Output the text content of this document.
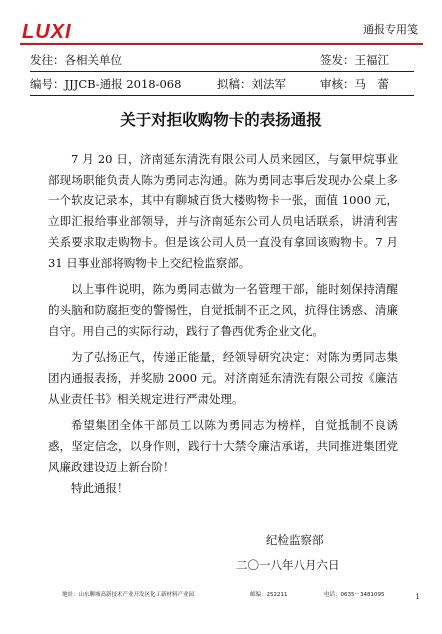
LUXI	通报专用笺
发往：各相关单位	签发：王福江
编号：JJJCB-通报 2018-068	拟稿：刘法军	审核：马　蕾
关于对拒收购物卡的表扬通报

7 月 20 日，济南延东清洗有限公司人员来园区，与氯甲烷事业部现场职能负责人陈为勇同志沟通。陈为勇同志事后发现办公桌上多一个软皮记录本，其中有聊城百货大楼购物卡一张，面值 1000 元，立即汇报给事业部领导，并与济南延东公司人员电话联系，讲清利害关系要求取走购物卡。但是该公司人员一直没有拿回该购物卡。7 月 31 日事业部将购物卡上交纪检监察部。

以上事件说明，陈为勇同志做为一名管理干部，能时刻保持清醒的头脑和防腐拒变的警惕性，自觉抵制不正之风，抗得住诱惑、清廉自守。用自己的实际行动，践行了鲁西优秀企业文化。

为了弘扬正气，传递正能量，经领导研究决定：对陈为勇同志集团内通报表扬，并奖励 2000 元。对济南延东清洗有限公司按《廉洁从业责任书》相关规定进行严肃处理。

希望集团全体干部员工以陈为勇同志为榜样，自觉抵制不良诱惑，坚定信念，以身作则，践行十大禁令廉洁承诺，共同推进集团党风廉政建设迈上新台阶！

特此通报！

纪检监察部
二〇一八年八月六日
地址：山东聊城高新技术产业开发区化工新材料产业园	邮编：252211	电话：0635－3481095	1
